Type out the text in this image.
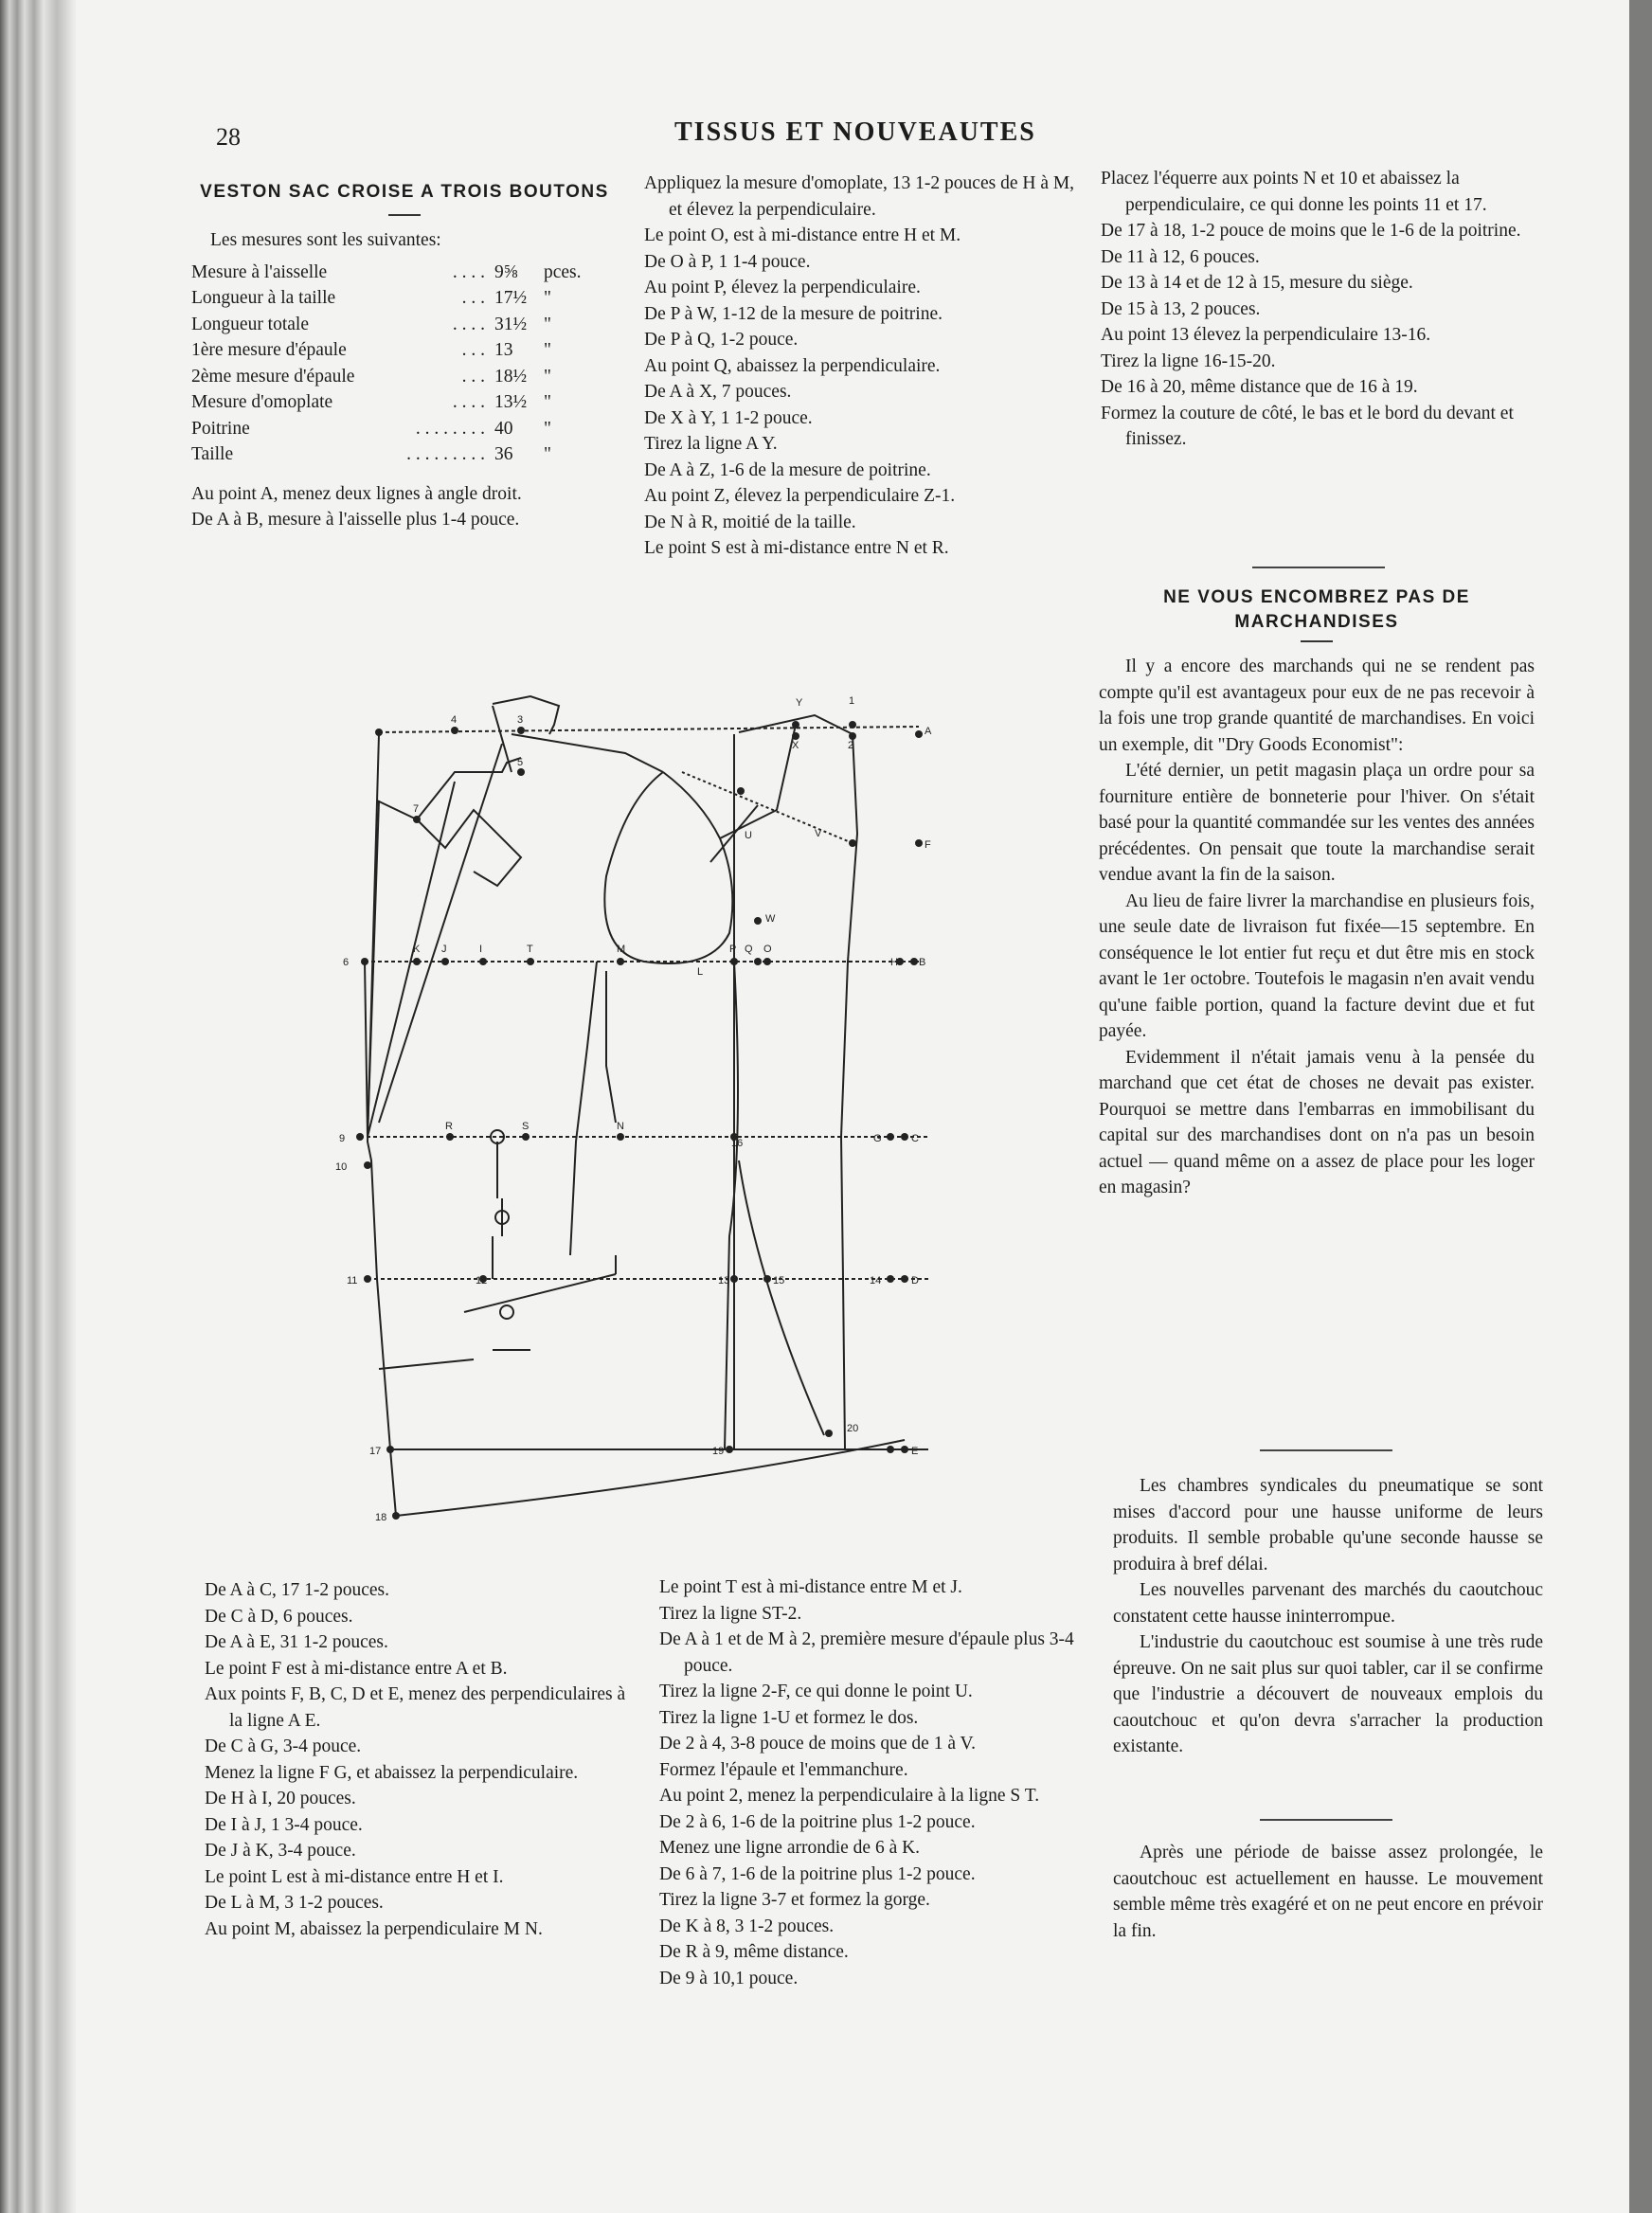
28	TISSUS ET NOUVEAUTES
VESTON SAC CROISE A TROIS BOUTONS

Les mesures sont les suivantes:

Mesure à l'aisselle	. . . .	9⅝	pces.
Longueur à la taille	. . .	17½	"
Longueur totale	. . . .	31½	"
1ère mesure d'épaule	. . .	13	"
2ème mesure d'épaule	. . .	18½	"
Mesure d'omoplate	. . . .	13½	"
Poitrine	. . . . . . . .	40	"
Taille	. . . . . . . . .	36	"

Au point A, menez deux lignes à angle droit.

De A à B, mesure à l'aisselle plus 1-4 pouce.

Appliquez la mesure d'omoplate, 13 1-2 pouces de H à M, et élevez la perpendiculaire.

Le point O, est à mi-distance entre H et M.

De O à P, 1 1-4 pouce.

Au point P, élevez la perpendiculaire.

De P à W, 1-12 de la mesure de poitrine.

De P à Q, 1-2 pouce.

Au point Q, abaissez la perpendiculaire.

De A à X, 7 pouces.

De X à Y, 1 1-2 pouce.

Tirez la ligne A Y.

De A à Z, 1-6 de la mesure de poitrine.

Au point Z, élevez la perpendiculaire Z-1.

De N à R, moitié de la taille.

Le point S est à mi-distance entre N et R.

Placez l'équerre aux points N et 10 et abaissez la perpendiculaire, ce qui donne les points 11 et 17.

De 17 à 18, 1-2 pouce de moins que le 1-6 de la poitrine.

De 11 à 12, 6 pouces.

De 13 à 14 et de 12 à 15, mesure du siège.

De 15 à 13, 2 pouces.

Au point 13 élevez la perpendiculaire 13-16.

Tirez la ligne 16-15-20.

De 16 à 20, même distance que de 16 à 19.

Formez la couture de côté, le bas et le bord du devant et finissez.

NE VOUS ENCOMBREZ PAS DE MARCHANDISES

Il y a encore des marchands qui ne se rendent pas compte qu'il est avantageux pour eux de ne pas recevoir à la fois une trop grande quantité de marchandises. En voici un exemple, dit "Dry Goods Economist":

L'été dernier, un petit magasin plaça un ordre pour sa fourniture entière de bonneterie pour l'hiver. On s'était basé pour la quantité commandée sur les ventes des années précédentes. On pensait que toute la marchandise serait vendue avant la fin de la saison.

Au lieu de faire livrer la marchandise en plusieurs fois, une seule date de livraison fut fixée—15 septembre. En conséquence le lot entier fut reçu et dut être mis en stock avant le 1er octobre. Toutefois le magasin n'en avait vendu qu'une faible portion, quand la facture devint due et fut payée.

Evidemment il n'était jamais venu à la pensée du marchand que cet état de choses ne devait pas exister. Pourquoi se mettre dans l'embarras en immobilisant du capital sur des marchandises dont on n'a pas un besoin actuel — quand même on a assez de place pour les loger en magasin?

Les chambres syndicales du pneumatique se sont mises d'accord pour une hausse uniforme de leurs produits. Il semble probable qu'une seconde hausse se produira à bref délai.

Les nouvelles parvenant des marchés du caoutchouc constatent cette hausse ininterrompue.

L'industrie du caoutchouc est soumise à une très rude épreuve. On ne sait plus sur quoi tabler, car il se confirme que l'industrie a découvert de nouveaux emplois du caoutchouc et qu'on devra s'arracher la production existante.

Après une période de baisse assez prolongée, le caoutchouc est actuellement en hausse. Le mouvement semble même très exagéré et on ne peut encore en prévoir la fin.

De A à C, 17 1-2 pouces.

De C à D, 6 pouces.

De A à E, 31 1-2 pouces.

Le point F est à mi-distance entre A et B.

Aux points F, B, C, D et E, menez des perpendiculaires à la ligne A E.

De C à G, 3-4 pouce.

Menez la ligne F G, et abaissez la perpendiculaire.

De H à I, 20 pouces.

De I à J, 1 3-4 pouce.

De J à K, 3-4 pouce.

Le point L est à mi-distance entre H et I.

De L à M, 3 1-2 pouces.

Au point M, abaissez la perpendiculaire M N.

Le point T est à mi-distance entre M et J.

Tirez la ligne ST-2.

De A à 1 et de M à 2, première mesure d'épaule plus 3-4 pouce.

Tirez la ligne 2-F, ce qui donne le point U.

Tirez la ligne 1-U et formez le dos.

De 2 à 4, 3-8 pouce de moins que de 1 à V.

Formez l'épaule et l'emmanchure.

Au point 2, menez la perpendiculaire à la ligne S T.

De 2 à 6, 1-6 de la poitrine plus 1-2 pouce.

Menez une ligne arrondie de 6 à K.

De 6 à 7, 1-6 de la poitrine plus 1-2 pouce.

Tirez la ligne 3-7 et formez la gorge.

De K à 8, 3 1-2 pouces.

De R à 9, même distance.

De 9 à 10,1 pouce.

Y	1
X	2
A
4	3
5
7
V
U
F
W
6
K J	I	T	M	P Q O
L
H B
9
R	S	N
16	G	C
10
11	12	13	15	14	D
17	19
20
E
18
